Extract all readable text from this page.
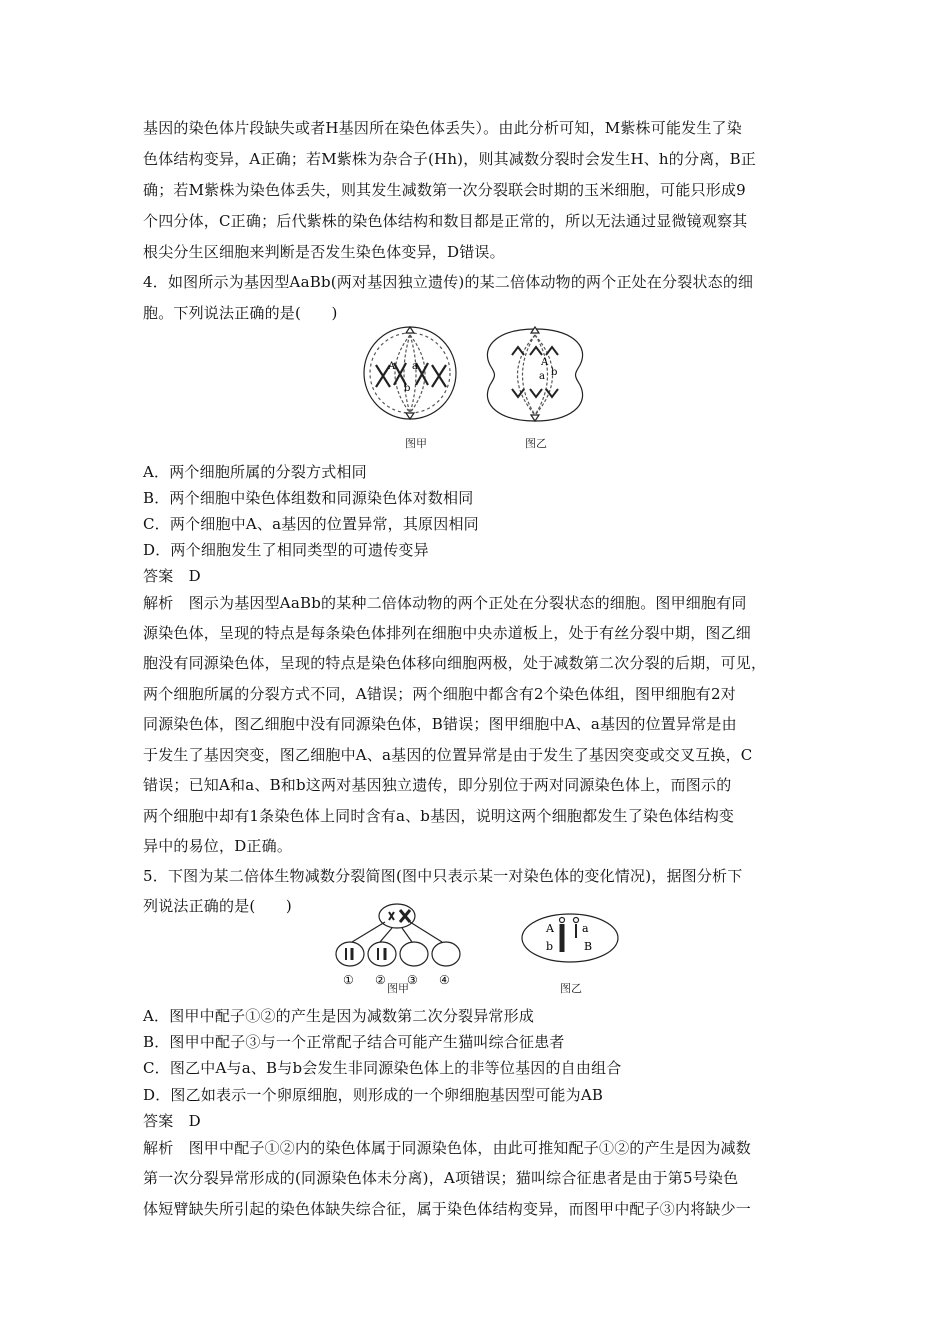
基因的染色体片段缺失或者H基因所在染色体丢失）。由此分析可知，M紫株可能发生了染
色体结构变异，A正确；若M紫株为杂合子(Hh)，则其减数分裂时会发生H、h的分离，B正
确；若M紫株为染色体丢失，则其发生减数第一次分裂联会时期的玉米细胞，可能只形成9
个四分体，C正确；后代紫株的染色体结构和数目都是正常的，所以无法通过显微镜观察其
根尖分生区细胞来判断是否发生染色体变异，D错误。
4．如图所示为基因型AaBb(两对基因独立遗传)的某二倍体动物的两个正处在分裂状态的细
胞。下列说法正确的是(　　)
A a
b
A
a b
图甲	图乙
A．两个细胞所属的分裂方式相同
B．两个细胞中染色体组数和同源染色体对数相同
C．两个细胞中A、a基因的位置异常，其原因相同
D．两个细胞发生了相同类型的可遗传变异
答案　D
解析　图示为基因型AaBb的某种二倍体动物的两个正处在分裂状态的细胞。图甲细胞有同
源染色体，呈现的特点是每条染色体排列在细胞中央赤道板上，处于有丝分裂中期，图乙细
胞没有同源染色体，呈现的特点是染色体移向细胞两极，处于减数第二次分裂的后期，可见，
两个细胞所属的分裂方式不同，A错误；两个细胞中都含有2个染色体组，图甲细胞有2对
同源染色体，图乙细胞中没有同源染色体，B错误；图甲细胞中A、a基因的位置异常是由
于发生了基因突变，图乙细胞中A、a基因的位置异常是由于发生了基因突变或交叉互换，C
错误；已知A和a、B和b这两对基因独立遗传，即分别位于两对同源染色体上，而图示的
两个细胞中却有1条染色体上同时含有a、b基因，说明这两个细胞都发生了染色体结构变
异中的易位，D正确。
5．下图为某二倍体生物减数分裂简图(图中只表示某一对染色体的变化情况)，据图分析下
列说法正确的是(　　)
① ② ③ ④
A
b
a
B
图甲	图乙
A．图甲中配子①②的产生是因为减数第二次分裂异常形成
B．图甲中配子③与一个正常配子结合可能产生猫叫综合征患者
C．图乙中A与a、B与b会发生非同源染色体上的非等位基因的自由组合
D．图乙如表示一个卵原细胞，则形成的一个卵细胞基因型可能为AB
答案　D
解析　图甲中配子①②内的染色体属于同源染色体，由此可推知配子①②的产生是因为减数
第一次分裂异常形成的(同源染色体未分离)，A项错误；猫叫综合征患者是由于第5号染色
体短臂缺失所引起的染色体缺失综合征，属于染色体结构变异，而图甲中配子③内将缺少一
